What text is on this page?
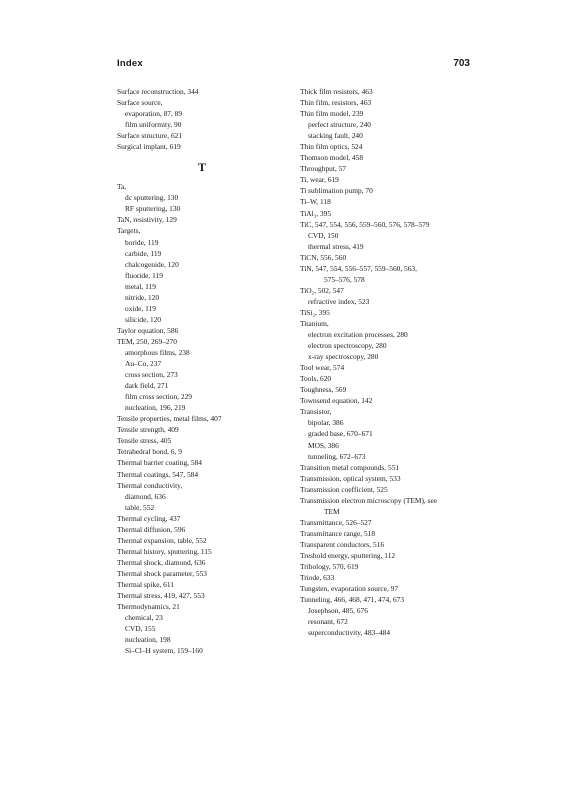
Index	703
Surface reconstruction, 344
Surface source,
evaporation, 87, 89
film uniformity, 90
Surface structure, 621
Surgical implant, 619
T
Ta,
dc sputtering, 130
RF sputtering, 130
TaN, resistivity, 129
Targets,
boride, 119
carbide, 119
chalcogenide, 120
fluoride, 119
metal, 119
nitride, 120
oxide, 119
silicide, 120
Taylor equation, 586
TEM, 250, 269–270
amorphous films, 238
Au–Co, 237
cross section, 273
dark field, 271
film cross section, 229
nucleation, 196, 219
Tensile properties, metal films, 407
Tensile strength, 409
Tensile stress, 405
Tetrahedral bond, 6, 9
Thermal barrier coating, 584
Thermal coatings, 547, 584
Thermal conductivity,
diamond, 636
table, 552
Thermal cycling, 437
Thermal diffusion, 596
Thermal expansion, table, 552
Thermal history, sputtering, 115
Thermal shock, diamond, 636
Thermal shock parameter, 553
Thermal spike, 611
Thermal stress, 419, 427, 553
Thermodynamics, 21
chemical, 23
CVD, 155
nucleation, 198
Si–Cl–H system, 159–160
Thick film resistors, 463
Thin film, resistors, 463
Thin film model, 239
perfect structure, 240
stacking fault, 240
Thin film optics, 524
Thomson model, 458
Throughput, 57
Ti, wear, 619
Ti sublimation pump, 70
Ti–W, 118
TiAl₃, 395
TiC, 547, 554, 556, 559–560, 576, 578–579
CVD, 150
thermal stress, 419
TiCN, 556, 560
TiN, 547, 554, 556–557, 559–560, 563,
575–576, 578
TiO₂, 502, 547
refractive index, 523
TiSi₂, 395
Titanium,
electron excitation processes, 280
electron spectroscopy, 280
x-ray spectroscopy, 280
Tool wear, 574
Tools, 620
Toughness, 569
Townsend equation, 142
Transistor,
bipolar, 386
graded base, 670–671
MOS, 386
tunneling, 672–673
Transition metal compounds, 551
Transmission, optical system, 533
Transmission coefficient, 525
Transmission electron microscopy (TEM), see
TEM
Transmittance, 526–527
Transmittance range, 518
Transparent conductors, 516
Treshold energy, sputtering, 112
Tribology, 570, 619
Triode, 633
Tungsten, evaporation source, 97
Tunneling, 466, 468, 471, 474, 673
Josephson, 485, 676
resonant, 672
superconductivity, 483–484
